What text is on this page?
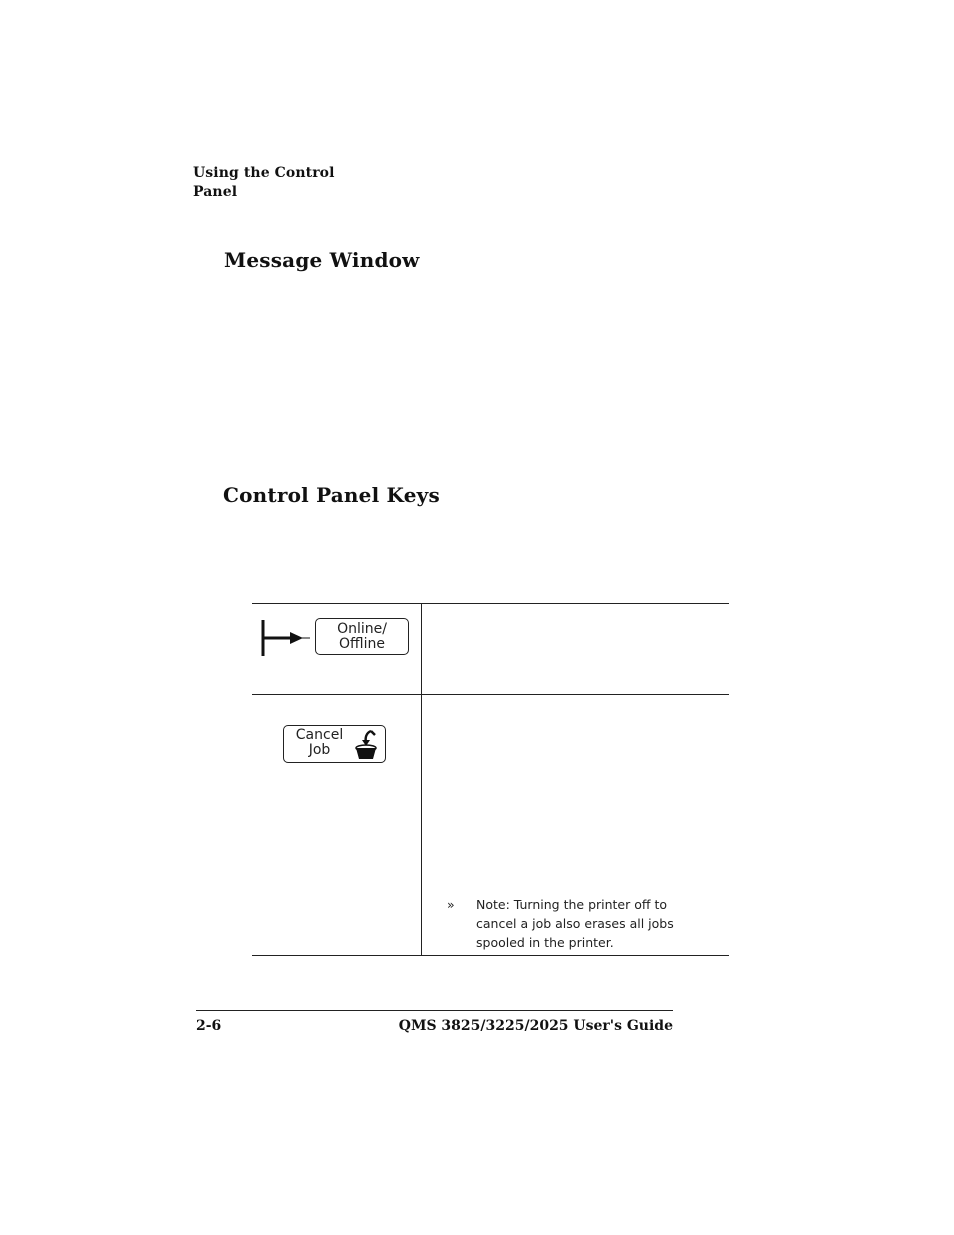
Using the Control
Panel
Message Window
Control Panel Keys
Online/
Offline
Cancel
Job
» Note: Turning the printer off to
cancel a job also erases all jobs
spooled in the printer.
2-6	QMS 3825/3225/2025 User's Guide
